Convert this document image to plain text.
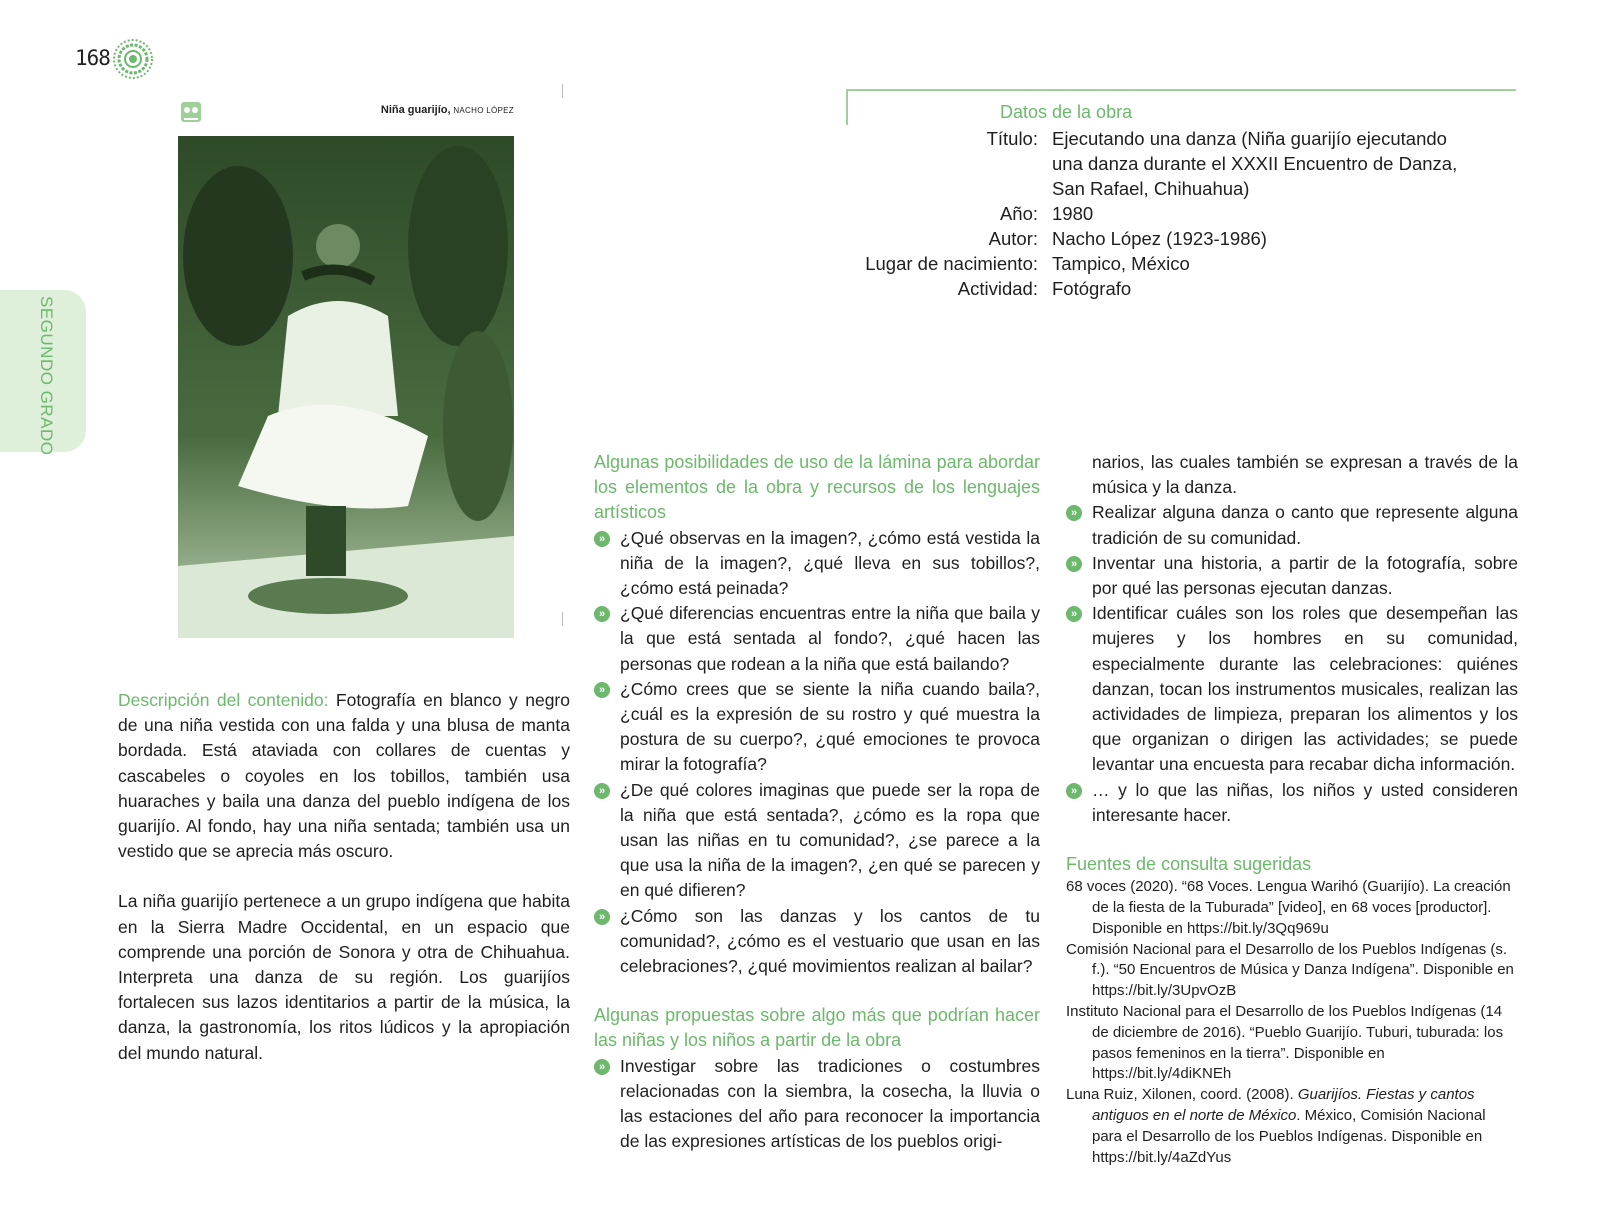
168
SEGUNDO GRADO
Niña guarijío, NACHO LÓPEZ	Datos de la obra
Título: Ejecutando una danza (Niña guarijío ejecutando una danza durante el XXXII Encuentro de Danza, San Rafael, Chihuahua)
Año: 1980
Autor: Nacho López (1923-1986)
Lugar de nacimiento: Tampico, México
Actividad: Fotógrafo

Descripción del contenido: Fotografía en blanco y negro de una niña vestida con una falda y una blusa de manta bordada. Está ataviada con collares de cuentas y cascabeles o coyoles en los tobillos, también usa huaraches y baila una danza del pueblo indígena de los guarijío. Al fondo, hay una niña sentada; también usa un vestido que se aprecia más oscuro.

La niña guarijío pertenece a un grupo indígena que habita en la Sierra Madre Occidental, en un espacio que comprende una porción de Sonora y otra de Chihuahua. Interpreta una danza de su región. Los guarijíos fortalecen sus lazos identitarios a partir de la música, la danza, la gastronomía, los ritos lúdicos y la apropiación del mundo natural.

Algunas posibilidades de uso de la lámina para abordar los elementos de la obra y recursos de los lenguajes artísticos
» ¿Qué observas en la imagen?, ¿cómo está vestida la niña de la imagen?, ¿qué lleva en sus tobillos?, ¿cómo está peinada?
» ¿Qué diferencias encuentras entre la niña que baila y la que está sentada al fondo?, ¿qué hacen las personas que rodean a la niña que está bailando?
» ¿Cómo crees que se siente la niña cuando baila?, ¿cuál es la expresión de su rostro y qué muestra la postura de su cuerpo?, ¿qué emociones te provoca mirar la fotografía?
» ¿De qué colores imaginas que puede ser la ropa de la niña que está sentada?, ¿cómo es la ropa que usan las niñas en tu comunidad?, ¿se parece a la que usa la niña de la imagen?, ¿en qué se parecen y en qué difieren?
» ¿Cómo son las danzas y los cantos de tu comunidad?, ¿cómo es el vestuario que usan en las celebraciones?, ¿qué movimientos realizan al bailar?
Algunas propuestas sobre algo más que podrían hacer las niñas y los niños a partir de la obra
» Investigar sobre las tradiciones o costumbres relacionadas con la siembra, la cosecha, la lluvia o las estaciones del año para reconocer la importancia de las expresiones artísticas de los pueblos origi-
narios, las cuales también se expresan a través de la música y la danza.
» Realizar alguna danza o canto que represente alguna tradición de su comunidad.
» Inventar una historia, a partir de la fotografía, sobre por qué las personas ejecutan danzas.
» Identificar cuáles son los roles que desempeñan las mujeres y los hombres en su comunidad, especialmente durante las celebraciones: quiénes danzan, tocan los instrumentos musicales, realizan las actividades de limpieza, preparan los alimentos y los que organizan o dirigen las actividades; se puede levantar una encuesta para recabar dicha información.
» … y lo que las niñas, los niños y usted consideren interesante hacer.
Fuentes de consulta sugeridas
68 voces (2020). “68 Voces. Lengua Warihó (Guarijío). La creación de la fiesta de la Tuburada” [video], en 68 voces [productor]. Disponible en https://bit.ly/3Qq969u
Comisión Nacional para el Desarrollo de los Pueblos Indígenas (s. f.). “50 Encuentros de Música y Danza Indígena”. Disponible en https://bit.ly/3UpvOzB
Instituto Nacional para el Desarrollo de los Pueblos Indígenas (14 de diciembre de 2016). “Pueblo Guarijío. Tuburi, tuburada: los pasos femeninos en la tierra”. Disponible en https://bit.ly/4diKNEh
Luna Ruiz, Xilonen, coord. (2008). Guarijíos. Fiestas y cantos antiguos en el norte de México. México, Comisión Nacional para el Desarrollo de los Pueblos Indígenas. Disponible en https://bit.ly/4aZdYus
